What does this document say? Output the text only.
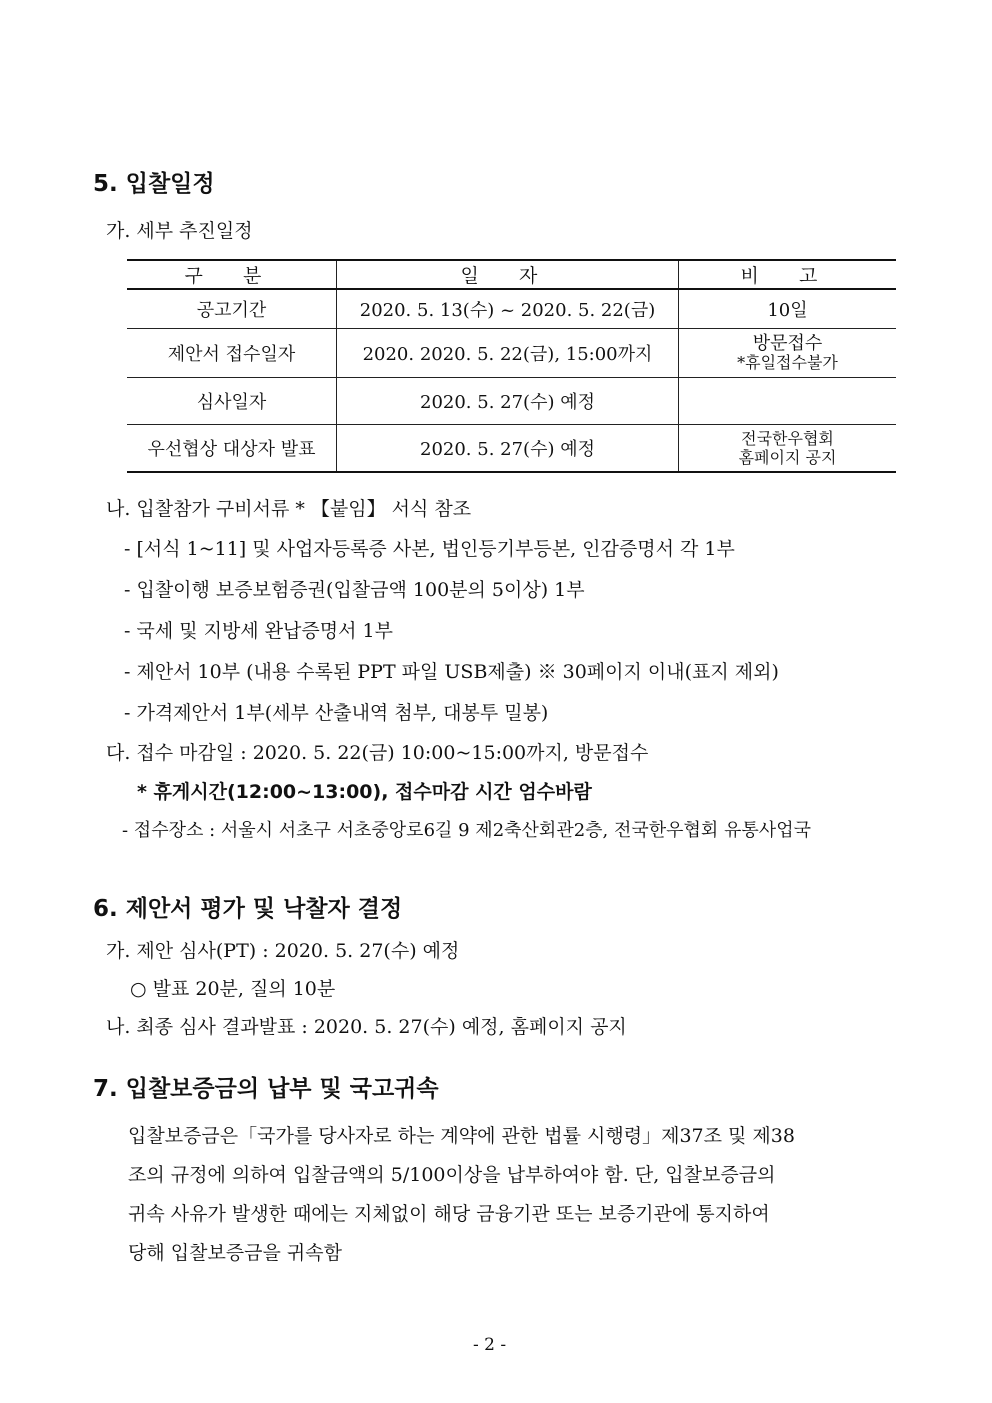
5. 입찰일정
가. 세부 추진일정
구 분	일 자	비 고
공고기간	2020. 5. 13(수) ~ 2020. 5. 22(금)	10일
제안서 접수일자	2020. 2020. 5. 22(금), 15:00까지	방문접수
*휴일접수불가

심사일자	2020. 5. 27(수) 예정	
우선협상 대상자 발표	2020. 5. 27(수) 예정	전국한우협회
홈페이지 공지
나. 입찰참가 구비서류 * 【붙임】 서식 참조
- [서식 1~11] 및 사업자등록증 사본, 법인등기부등본, 인감증명서 각 1부
- 입찰이행 보증보험증권(입찰금액 100분의 5이상) 1부
- 국세 및 지방세 완납증명서 1부
- 제안서 10부 (내용 수록된 PPT 파일 USB제출) ※ 30페이지 이내(표지 제외)
- 가격제안서 1부(세부 산출내역 첨부, 대봉투 밀봉)
다. 접수 마감일 : 2020. 5. 22(금) 10:00~15:00까지, 방문접수
* 휴게시간(12:00~13:00), 접수마감 시간 엄수바람
- 접수장소 : 서울시 서초구 서초중앙로6길 9 제2축산회관2층, 전국한우협회 유통사업국
6. 제안서 평가 및 낙찰자 결정
가. 제안 심사(PT) : 2020. 5. 27(수) 예정
○ 발표 20분, 질의 10분
나. 최종 심사 결과발표 : 2020. 5. 27(수) 예정, 홈페이지 공지
7. 입찰보증금의 납부 및 국고귀속
입찰보증금은「국가를 당사자로 하는 계약에 관한 법률 시행령」제37조 및 제38
조의 규정에 의하여 입찰금액의 5/100이상을 납부하여야 함. 단, 입찰보증금의
귀속 사유가 발생한 때에는 지체없이 해당 금융기관 또는 보증기관에 통지하여
당해 입찰보증금을 귀속함
- 2 -
